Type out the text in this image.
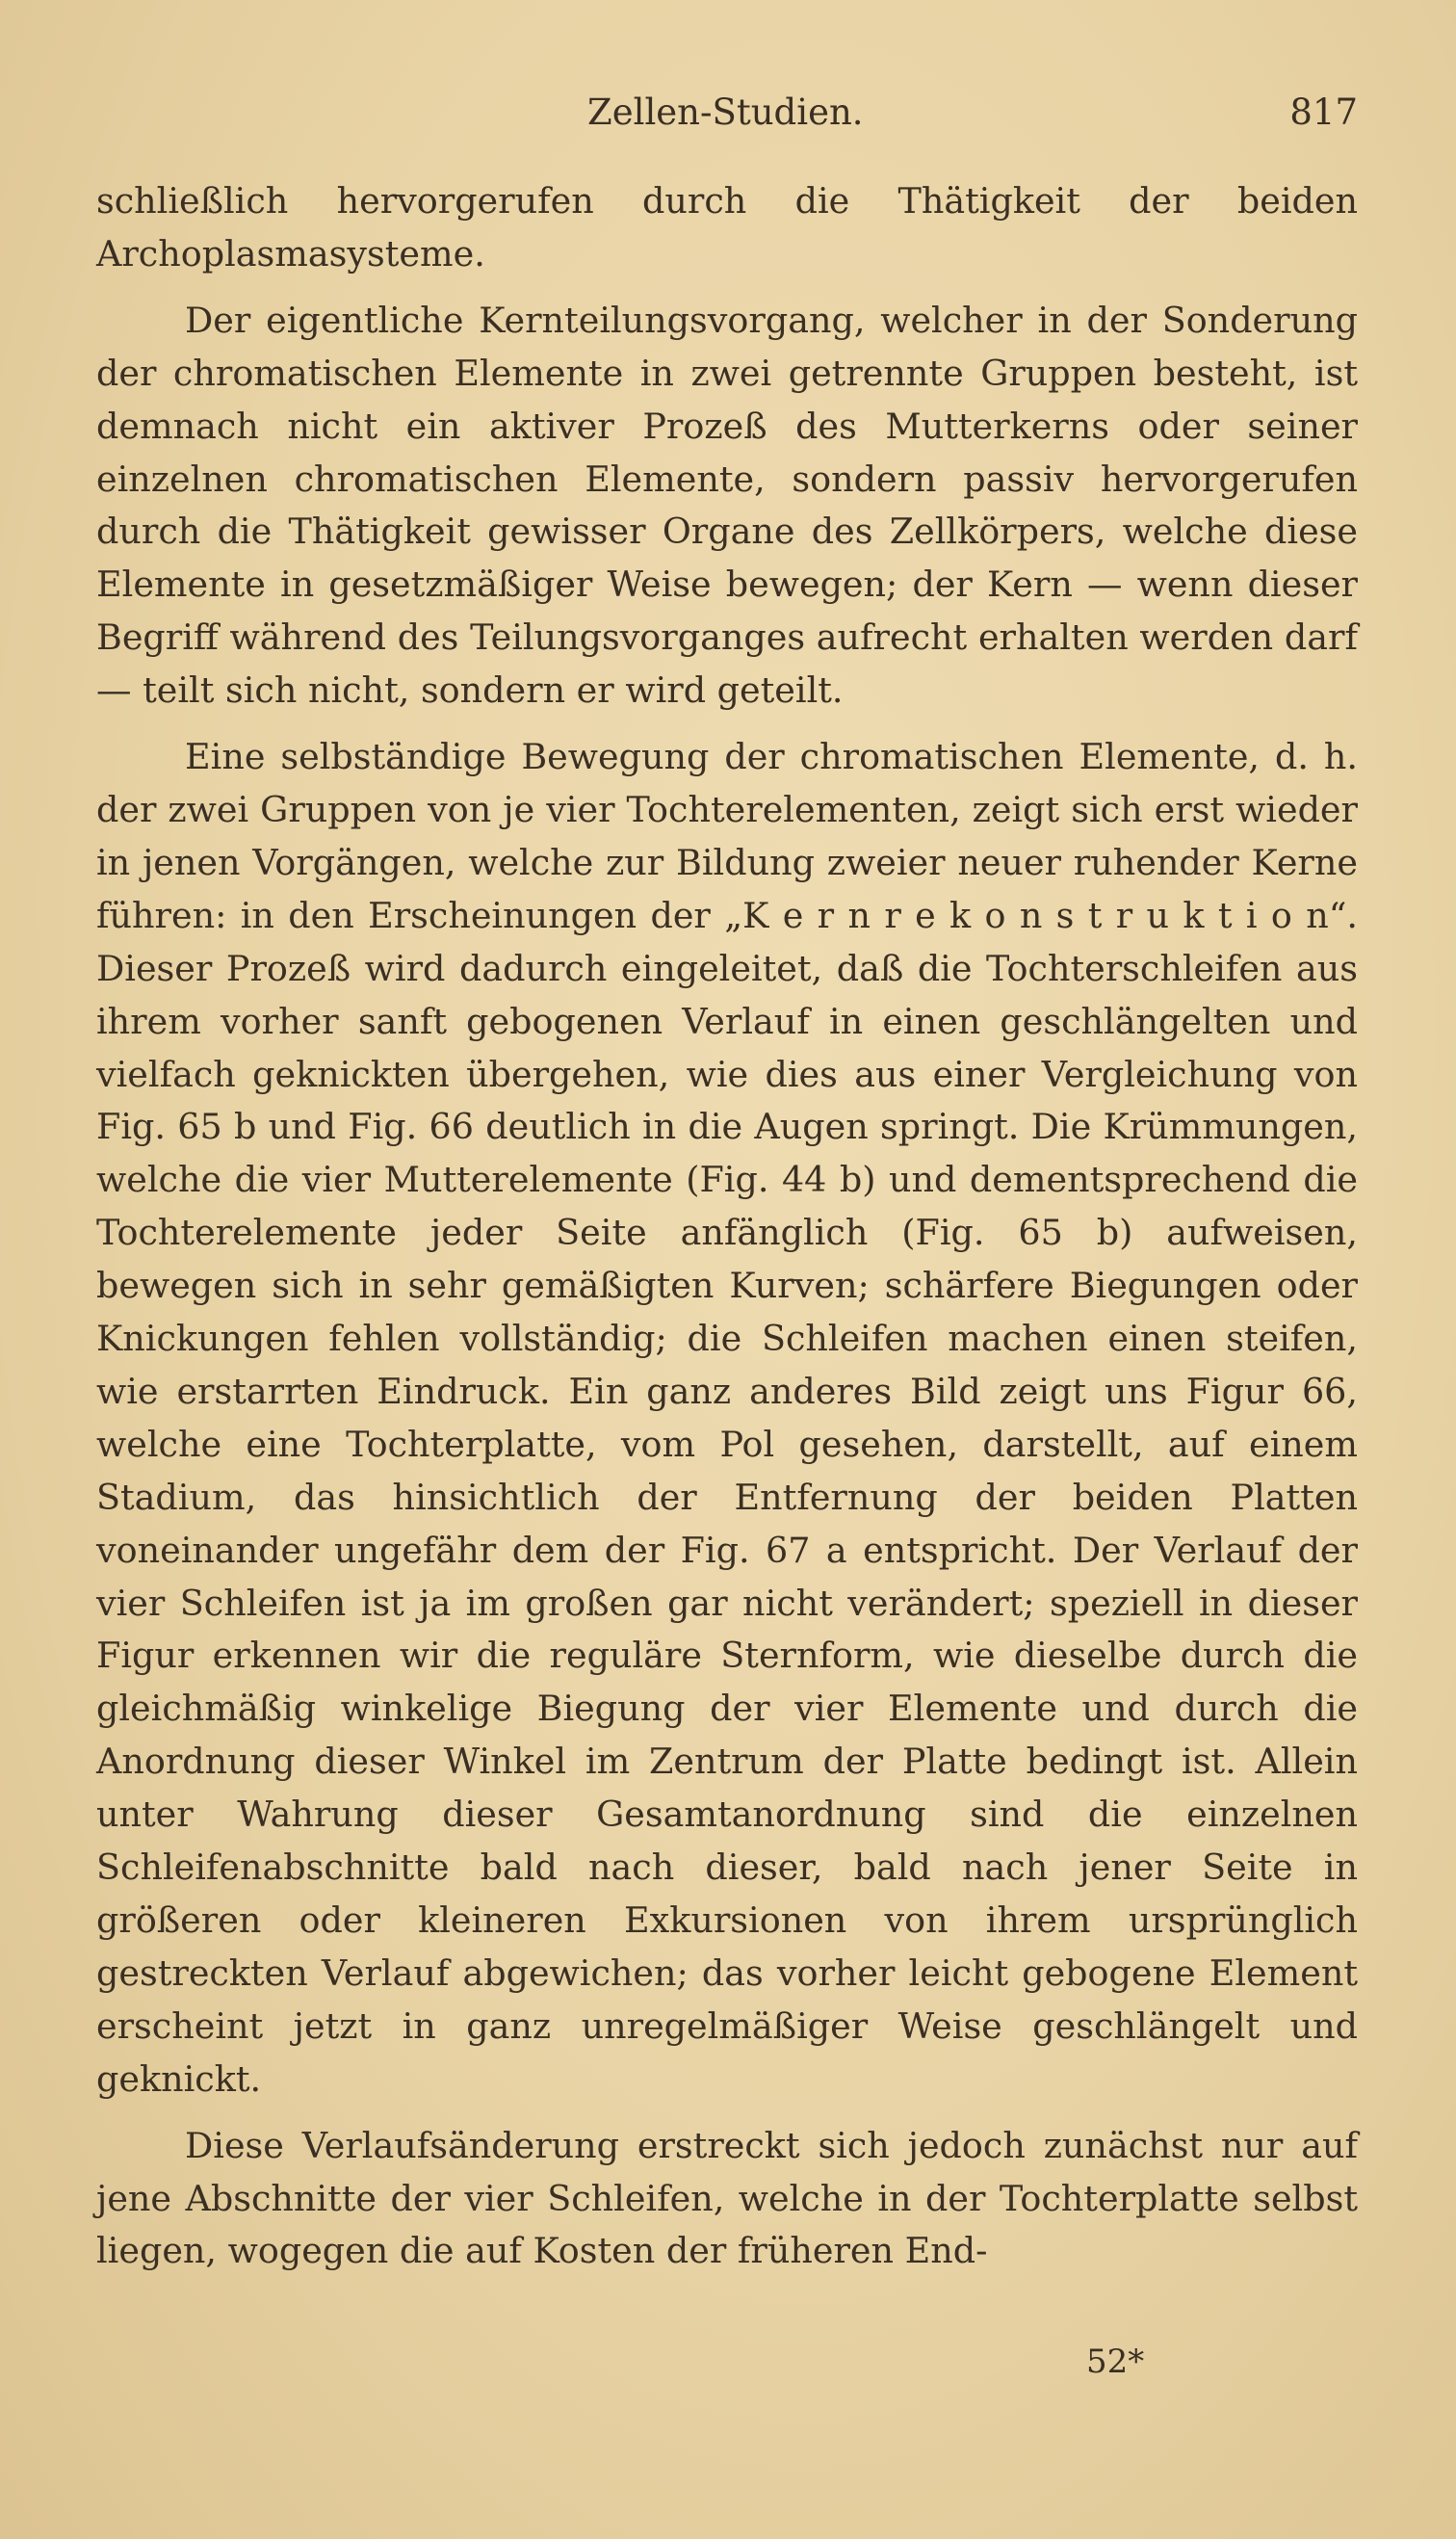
Zellen-Studien.	817

schließlich hervorgerufen durch die Thätigkeit der beiden Archoplasmasysteme.

Der eigentliche Kernteilungsvorgang, welcher in der Sonderung der chromatischen Elemente in zwei getrennte Gruppen besteht, ist demnach nicht ein aktiver Prozeß des Mutterkerns oder seiner einzelnen chromatischen Elemente, sondern passiv hervorgerufen durch die Thätigkeit gewisser Organe des Zellkörpers, welche diese Elemente in gesetzmäßiger Weise bewegen; der Kern — wenn dieser Begriff während des Teilungsvorganges aufrecht erhalten werden darf — teilt sich nicht, sondern er wird geteilt.

Eine selbständige Bewegung der chromatischen Elemente, d. h. der zwei Gruppen von je vier Tochterelementen, zeigt sich erst wieder in jenen Vorgängen, welche zur Bildung zweier neuer ruhender Kerne führen: in den Erscheinungen der „K e r n r e k o n s t r u k t i o n“. Dieser Prozeß wird dadurch eingeleitet, daß die Tochterschleifen aus ihrem vorher sanft gebogenen Verlauf in einen geschlängelten und vielfach geknickten übergehen, wie dies aus einer Vergleichung von Fig. 65 b und Fig. 66 deutlich in die Augen springt. Die Krümmungen, welche die vier Mutterelemente (Fig. 44 b) und dementsprechend die Tochterelemente jeder Seite anfänglich (Fig. 65 b) aufweisen, bewegen sich in sehr gemäßigten Kurven; schärfere Biegungen oder Knickungen fehlen vollständig; die Schleifen machen einen steifen, wie erstarrten Eindruck. Ein ganz anderes Bild zeigt uns Figur 66, welche eine Tochterplatte, vom Pol gesehen, darstellt, auf einem Stadium, das hinsichtlich der Entfernung der beiden Platten voneinander ungefähr dem der Fig. 67 a entspricht. Der Verlauf der vier Schleifen ist ja im großen gar nicht verändert; speziell in dieser Figur erkennen wir die reguläre Sternform, wie dieselbe durch die gleichmäßig winkelige Biegung der vier Elemente und durch die Anordnung dieser Winkel im Zentrum der Platte bedingt ist. Allein unter Wahrung dieser Gesamtanordnung sind die einzelnen Schleifenabschnitte bald nach dieser, bald nach jener Seite in größeren oder kleineren Exkursionen von ihrem ursprünglich gestreckten Verlauf abgewichen; das vorher leicht gebogene Element erscheint jetzt in ganz unregelmäßiger Weise geschlängelt und geknickt.

Diese Verlaufsänderung erstreckt sich jedoch zunächst nur auf jene Abschnitte der vier Schleifen, welche in der Tochterplatte selbst liegen, wogegen die auf Kosten der früheren End-

52*
